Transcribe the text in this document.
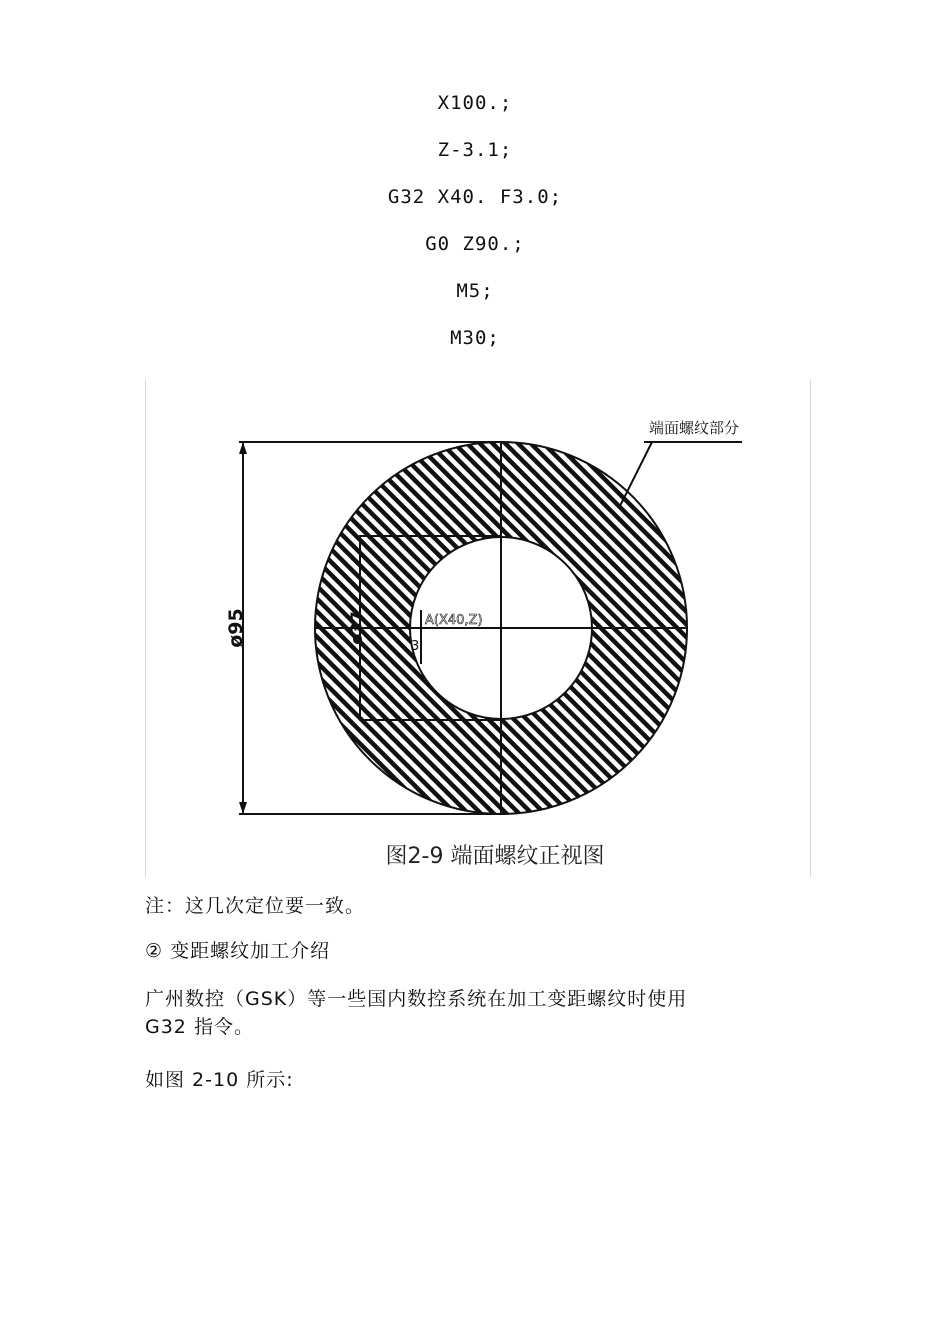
X100.;
Z-3.1;
G32 X40. F3.0;
G0 Z90.;
M5;
M30;
ø95	ø37	A(X40,Z)
3
端面螺纹部分
图2-9 端面螺纹正视图
注：这几次定位要一致。
② 变距螺纹加工介绍
广州数控（GSK）等一些国内数控系统在加工变距螺纹时使用
G32 指令。
如图 2-10 所示:
